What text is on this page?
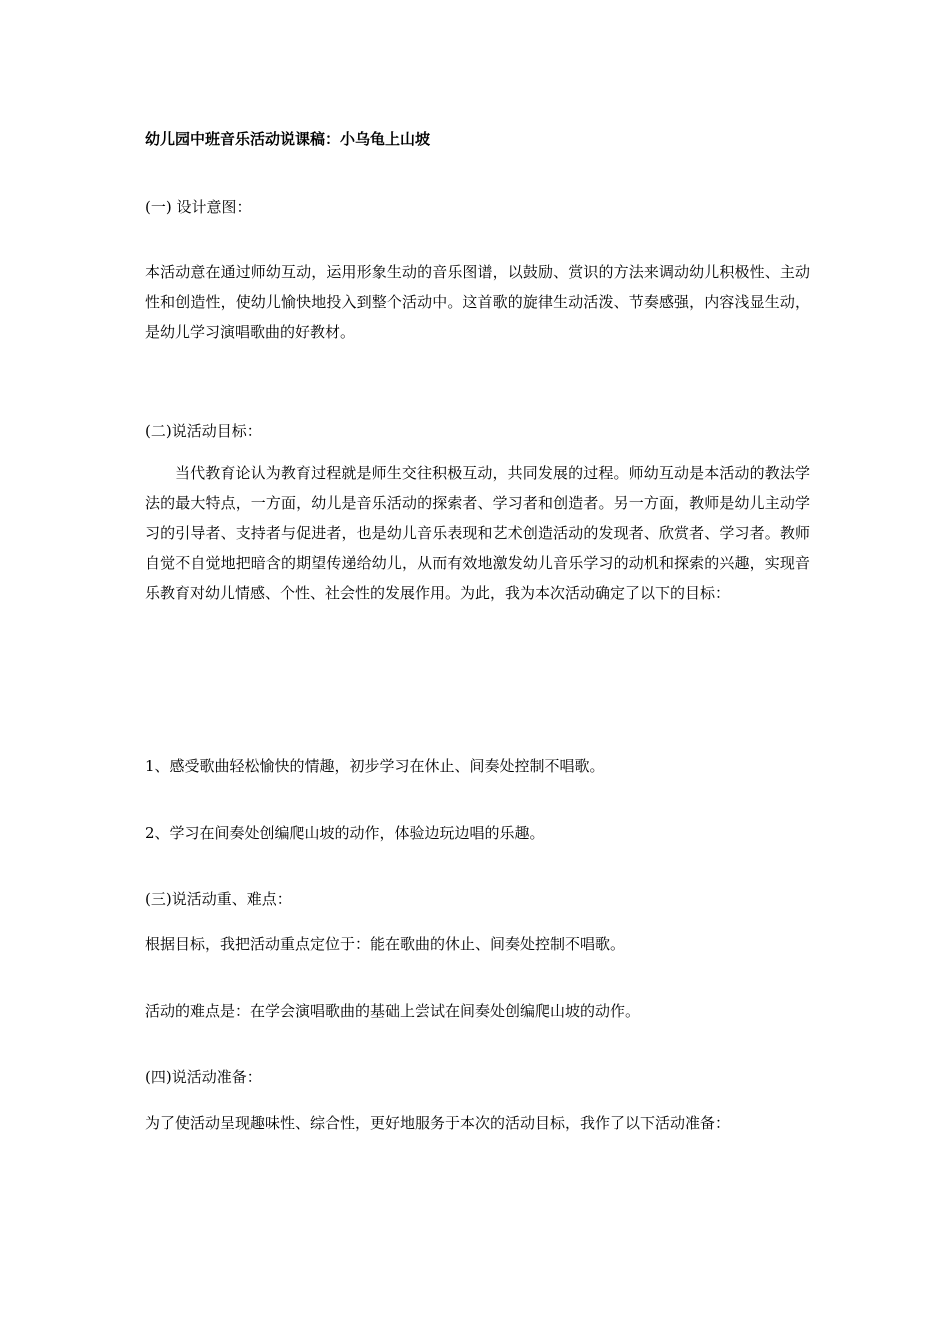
幼儿园中班音乐活动说课稿：小乌龟上山坡
(一) 设计意图：
本活动意在通过师幼互动，运用形象生动的音乐图谱，以鼓励、赏识的方法来调动幼儿积极性、主动性和创造性，使幼儿愉快地投入到整个活动中。这首歌的旋律生动活泼、节奏感强，内容浅显生动，是幼儿学习演唱歌曲的好教材。
(二)说活动目标：
当代教育论认为教育过程就是师生交往积极互动，共同发展的过程。师幼互动是本活动的教法学法的最大特点，一方面，幼儿是音乐活动的探索者、学习者和创造者。另一方面，教师是幼儿主动学习的引导者、支持者与促进者，也是幼儿音乐表现和艺术创造活动的发现者、欣赏者、学习者。教师自觉不自觉地把暗含的期望传递给幼儿，从而有效地激发幼儿音乐学习的动机和探索的兴趣，实现音乐教育对幼儿情感、个性、社会性的发展作用。为此，我为本次活动确定了以下的目标：
1、感受歌曲轻松愉快的情趣，初步学习在休止、间奏处控制不唱歌。
2、学习在间奏处创编爬山坡的动作，体验边玩边唱的乐趣。
(三)说活动重、难点：
根据目标，我把活动重点定位于：能在歌曲的休止、间奏处控制不唱歌。
活动的难点是：在学会演唱歌曲的基础上尝试在间奏处创编爬山坡的动作。
(四)说活动准备：
为了使活动呈现趣味性、综合性，更好地服务于本次的活动目标，我作了以下活动准备：
